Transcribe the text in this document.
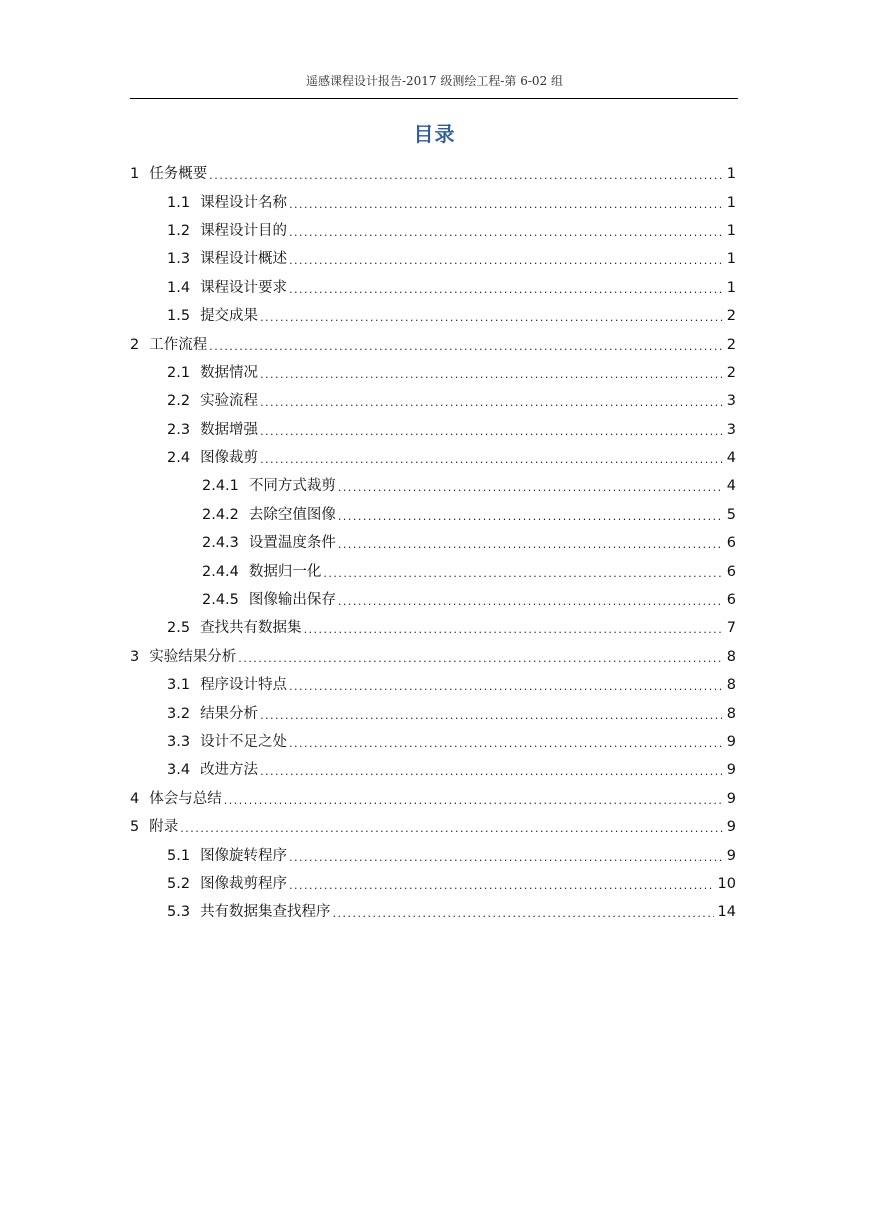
遥感课程设计报告-2017 级测绘工程-第 6-02 组
目录
1 任务概要 .....	1
1.1 课程设计名称 .....	1
1.2 课程设计目的 .....	1
1.3 课程设计概述 .....	1
1.4 课程设计要求 .....	1
1.5 提交成果 .....	2
2 工作流程 .....	2
2.1 数据情况 .....	2
2.2 实验流程 .....	3
2.3 数据增强 .....	3
2.4 图像裁剪 .....	4
2.4.1 不同方式裁剪 .....	4
2.4.2 去除空值图像 .....	5
2.4.3 设置温度条件 .....	6
2.4.4 数据归一化 .....	6
2.4.5 图像输出保存 .....	6
2.5 查找共有数据集 .....	7
3 实验结果分析 .....	8
3.1 程序设计特点 .....	8
3.2 结果分析 .....	8
3.3 设计不足之处 .....	9
3.4 改进方法 .....	9
4 体会与总结 .....	9
5 附录 .....	9
5.1 图像旋转程序 .....	9
5.2 图像裁剪程序 .....	10
5.3 共有数据集查找程序 .....	14
